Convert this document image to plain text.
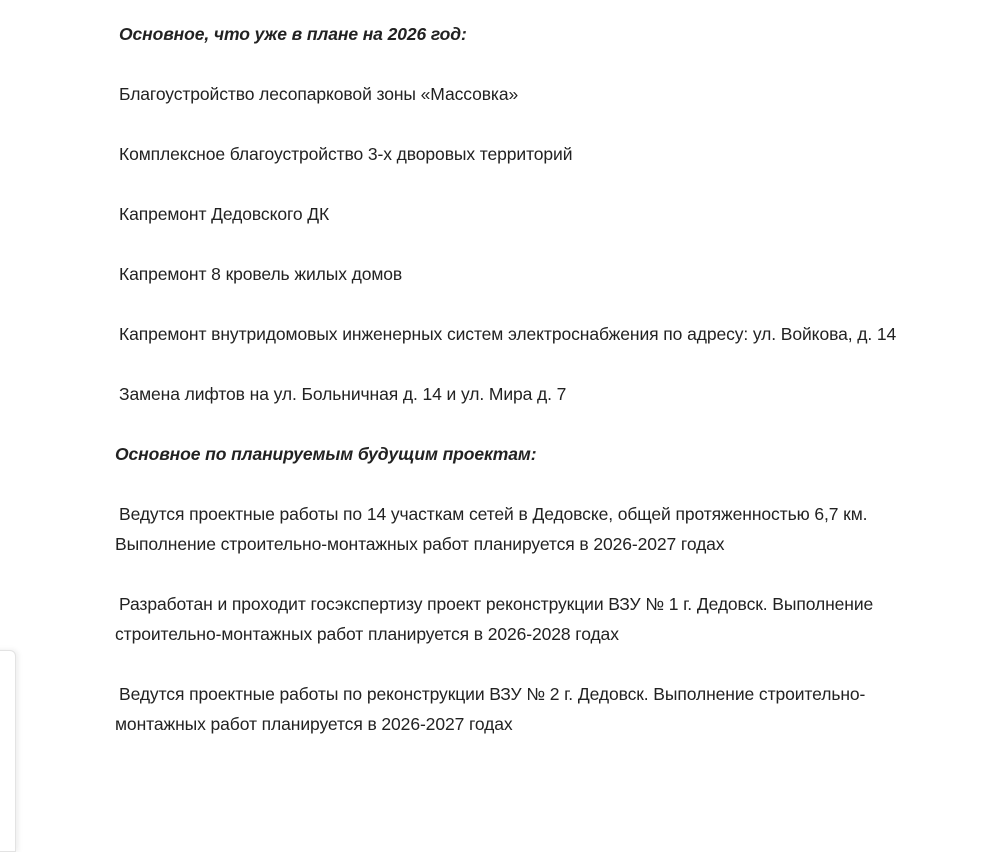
Основное, что уже в плане на 2026 год:

Благоустройство лесопарковой зоны «Массовка»

Комплексное благоустройство 3-х дворовых территорий

Капремонт Дедовского ДК

Капремонт 8 кровель жилых домов

Капремонт внутридомовых инженерных систем электроснабжения по адресу: ул. Войкова, д. 14

Замена лифтов на ул. Больничная д. 14 и ул. Мира д. 7

Основное по планируемым будущим проектам:

Ведутся проектные работы по 14 участкам сетей в Дедовске, общей протяженностью 6,7 км. Выполнение строительно-монтажных работ планируется в 2026-2027 годах

Разработан и проходит госэкспертизу проект реконструкции ВЗУ № 1 г. Дедовск. Выполнение строительно-монтажных работ планируется в 2026-2028 годах

Ведутся проектные работы по реконструкции ВЗУ № 2 г. Дедовск. Выполнение строительно-монтажных работ планируется в 2026-2027 годах
